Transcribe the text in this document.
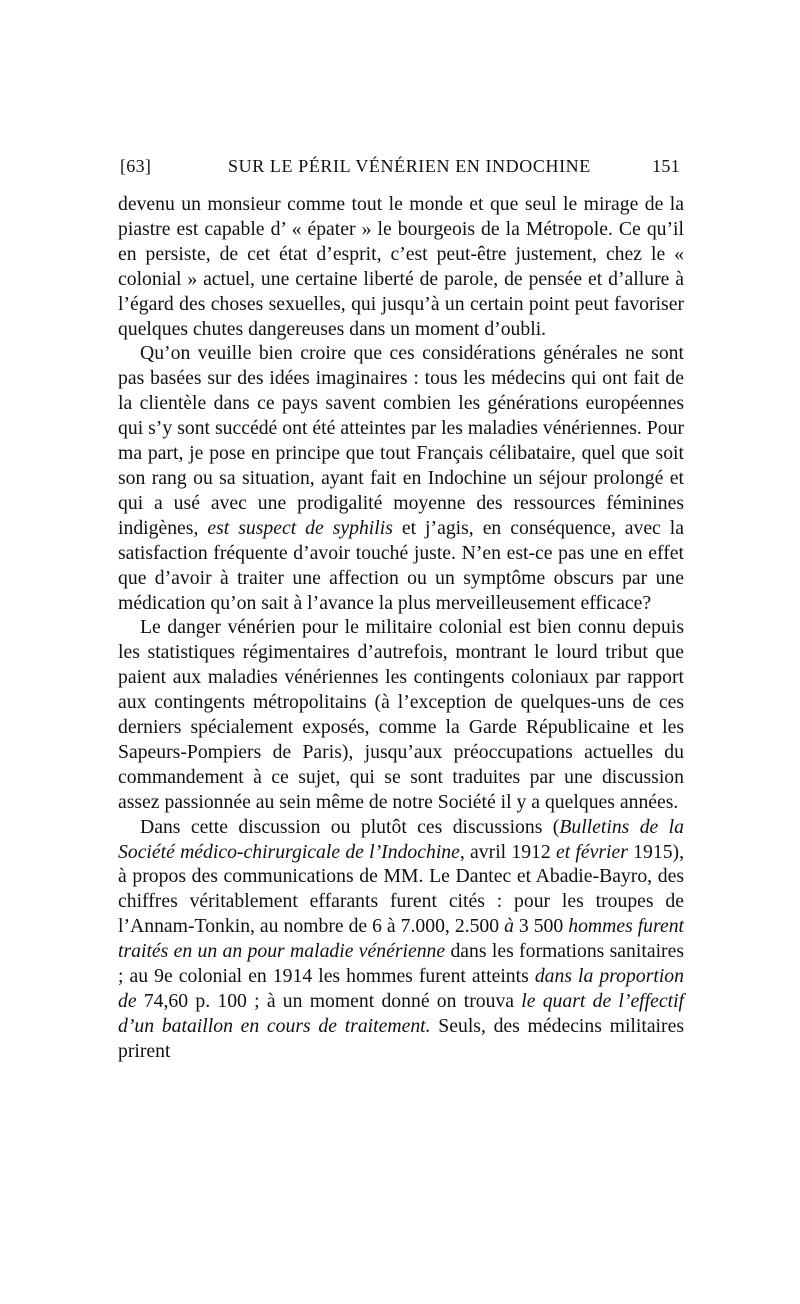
[63]	SUR LE PÉRIL VÉNÉRIEN EN INDOCHINE	151

devenu un monsieur comme tout le monde et que seul le mirage de la piastre est capable d’ « épater » le bourgeois de la Métropole. Ce qu’il en persiste, de cet état d’esprit, c’est peut-être justement, chez le « colonial » actuel, une certaine liberté de parole, de pensée et d’allure à l’égard des choses sexuelles, qui jusqu’à un certain point peut favoriser quelques chutes dangereuses dans un moment d’oubli.

Qu’on veuille bien croire que ces considérations générales ne sont pas basées sur des idées imaginaires : tous les médecins qui ont fait de la clientèle dans ce pays savent combien les générations européennes qui s’y sont succédé ont été atteintes par les maladies vénériennes. Pour ma part, je pose en principe que tout Français célibataire, quel que soit son rang ou sa situation, ayant fait en Indochine un séjour prolongé et qui a usé avec une prodigalité moyenne des ressources féminines indigènes, est suspect de syphilis et j’agis, en conséquence, avec la satisfaction fréquente d’avoir touché juste. N’en est-ce pas une en effet que d’avoir à traiter une affection ou un symptôme obscurs par une médication qu’on sait à l’avance la plus merveilleusement efficace?

Le danger vénérien pour le militaire colonial est bien connu depuis les statistiques régimentaires d’autrefois, montrant le lourd tribut que paient aux maladies vénériennes les contingents coloniaux par rapport aux contingents métropolitains (à l’exception de quelques-uns de ces derniers spécialement exposés, comme la Garde Républicaine et les Sapeurs-Pompiers de Paris), jusqu’aux préoccupations actuelles du commandement à ce sujet, qui se sont traduites par une discussion assez passionnée au sein même de notre Société il y a quelques années.

Dans cette discussion ou plutôt ces discussions (Bulletins de la Société médico-chirurgicale de l’Indochine, avril 1912 et février 1915), à propos des communications de MM. Le Dantec et Abadie-Bayro, des chiffres véritablement effarants furent cités : pour les troupes de l’Annam-Tonkin, au nombre de 6 à 7.000, 2.500 à 3 500 hommes furent traités en un an pour maladie vénérienne dans les formations sanitaires ; au 9e colonial en 1914 les hommes furent atteints dans la proportion de 74,60 p. 100 ; à un moment donné on trouva le quart de l’effectif d’un bataillon en cours de traitement. Seuls, des médecins militaires prirent
